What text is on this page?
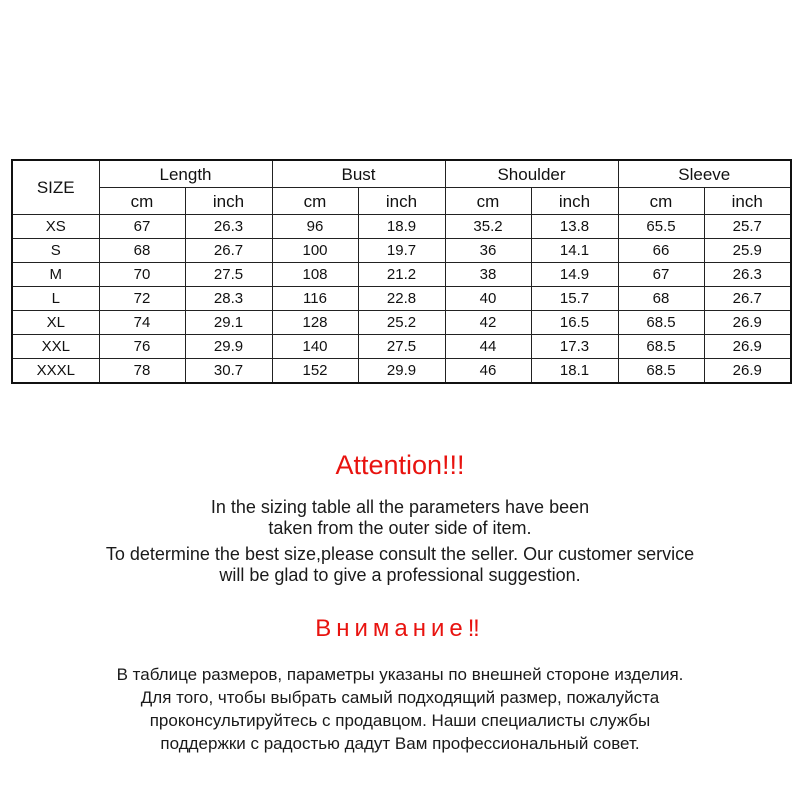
SIZE	Length		Bust		Shoulder		Sleeve	
	cm	inch	cm	inch	cm	inch	cm	inch
XS	67	26.3	96	18.9	35.2	13.8	65.5	25.7
S	68	26.7	100	19.7	36	14.1	66	25.9
M	70	27.5	108	21.2	38	14.9	67	26.3
L	72	28.3	116	22.8	40	15.7	68	26.7
XL	74	29.1	128	25.2	42	16.5	68.5	26.9
XXL	76	29.9	140	27.5	44	17.3	68.5	26.9
XXXL	78	30.7	152	29.9	46	18.1	68.5	26.9
Attention!!!

In the sizing table all the parameters have been

taken from the outer side of item.

To determine the best size,please consult the seller. Our customer service

will be glad to give a professional suggestion.

Внимание‼

В таблице размеров, параметры указаны по внешней стороне изделия.

Для того, чтобы выбрать самый подходящий размер, пожалуйста

проконсультируйтесь с продавцом. Наши специалисты службы

поддержки с радостью дадут Вам профессиональный совет.
